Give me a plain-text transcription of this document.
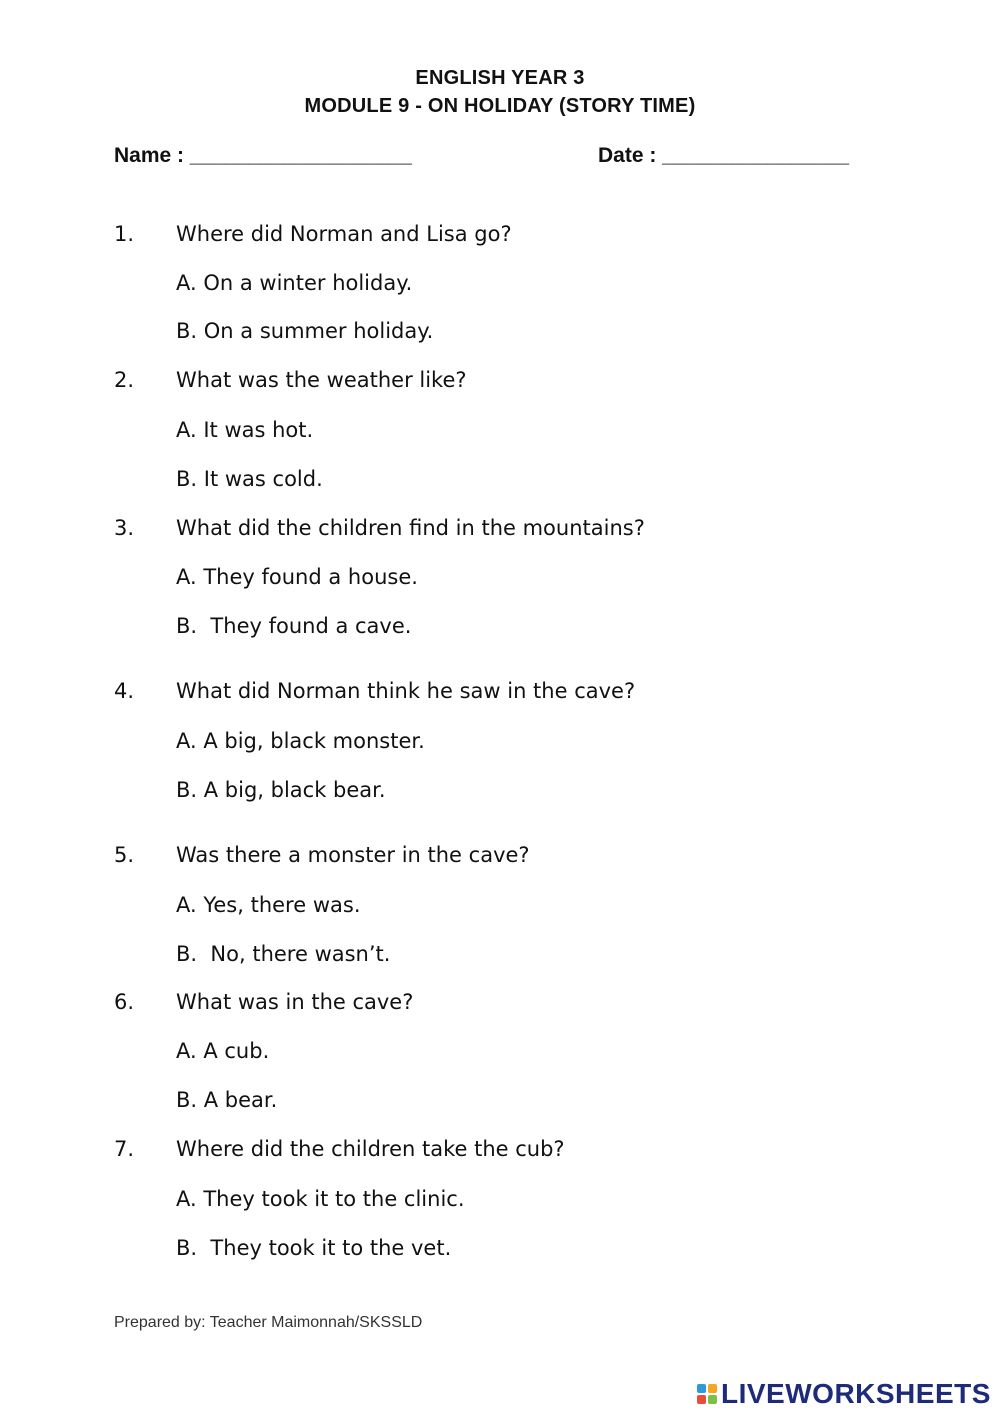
ENGLISH YEAR 3
MODULE 9 - ON HOLIDAY (STORY TIME)
Name : ___________________	Date : ________________
1. Where did Norman and Lisa go?
A. On a winter holiday.
B. On a summer holiday.
2. What was the weather like?
A. It was hot.
B. It was cold.
3. What did the children find in the mountains?
A. They found a house.
B.  They found a cave.
4. What did Norman think he saw in the cave?
A. A big, black monster.
B. A big, black bear.
5. Was there a monster in the cave?
A. Yes, there was.
B.  No, there wasn’t.
6. What was in the cave?
A. A cub.
B. A bear.
7. Where did the children take the cub?
A. They took it to the clinic.
B.  They took it to the vet.
Prepared by: Teacher Maimonnah/SKSSLD
LIVEWORKSHEETS
